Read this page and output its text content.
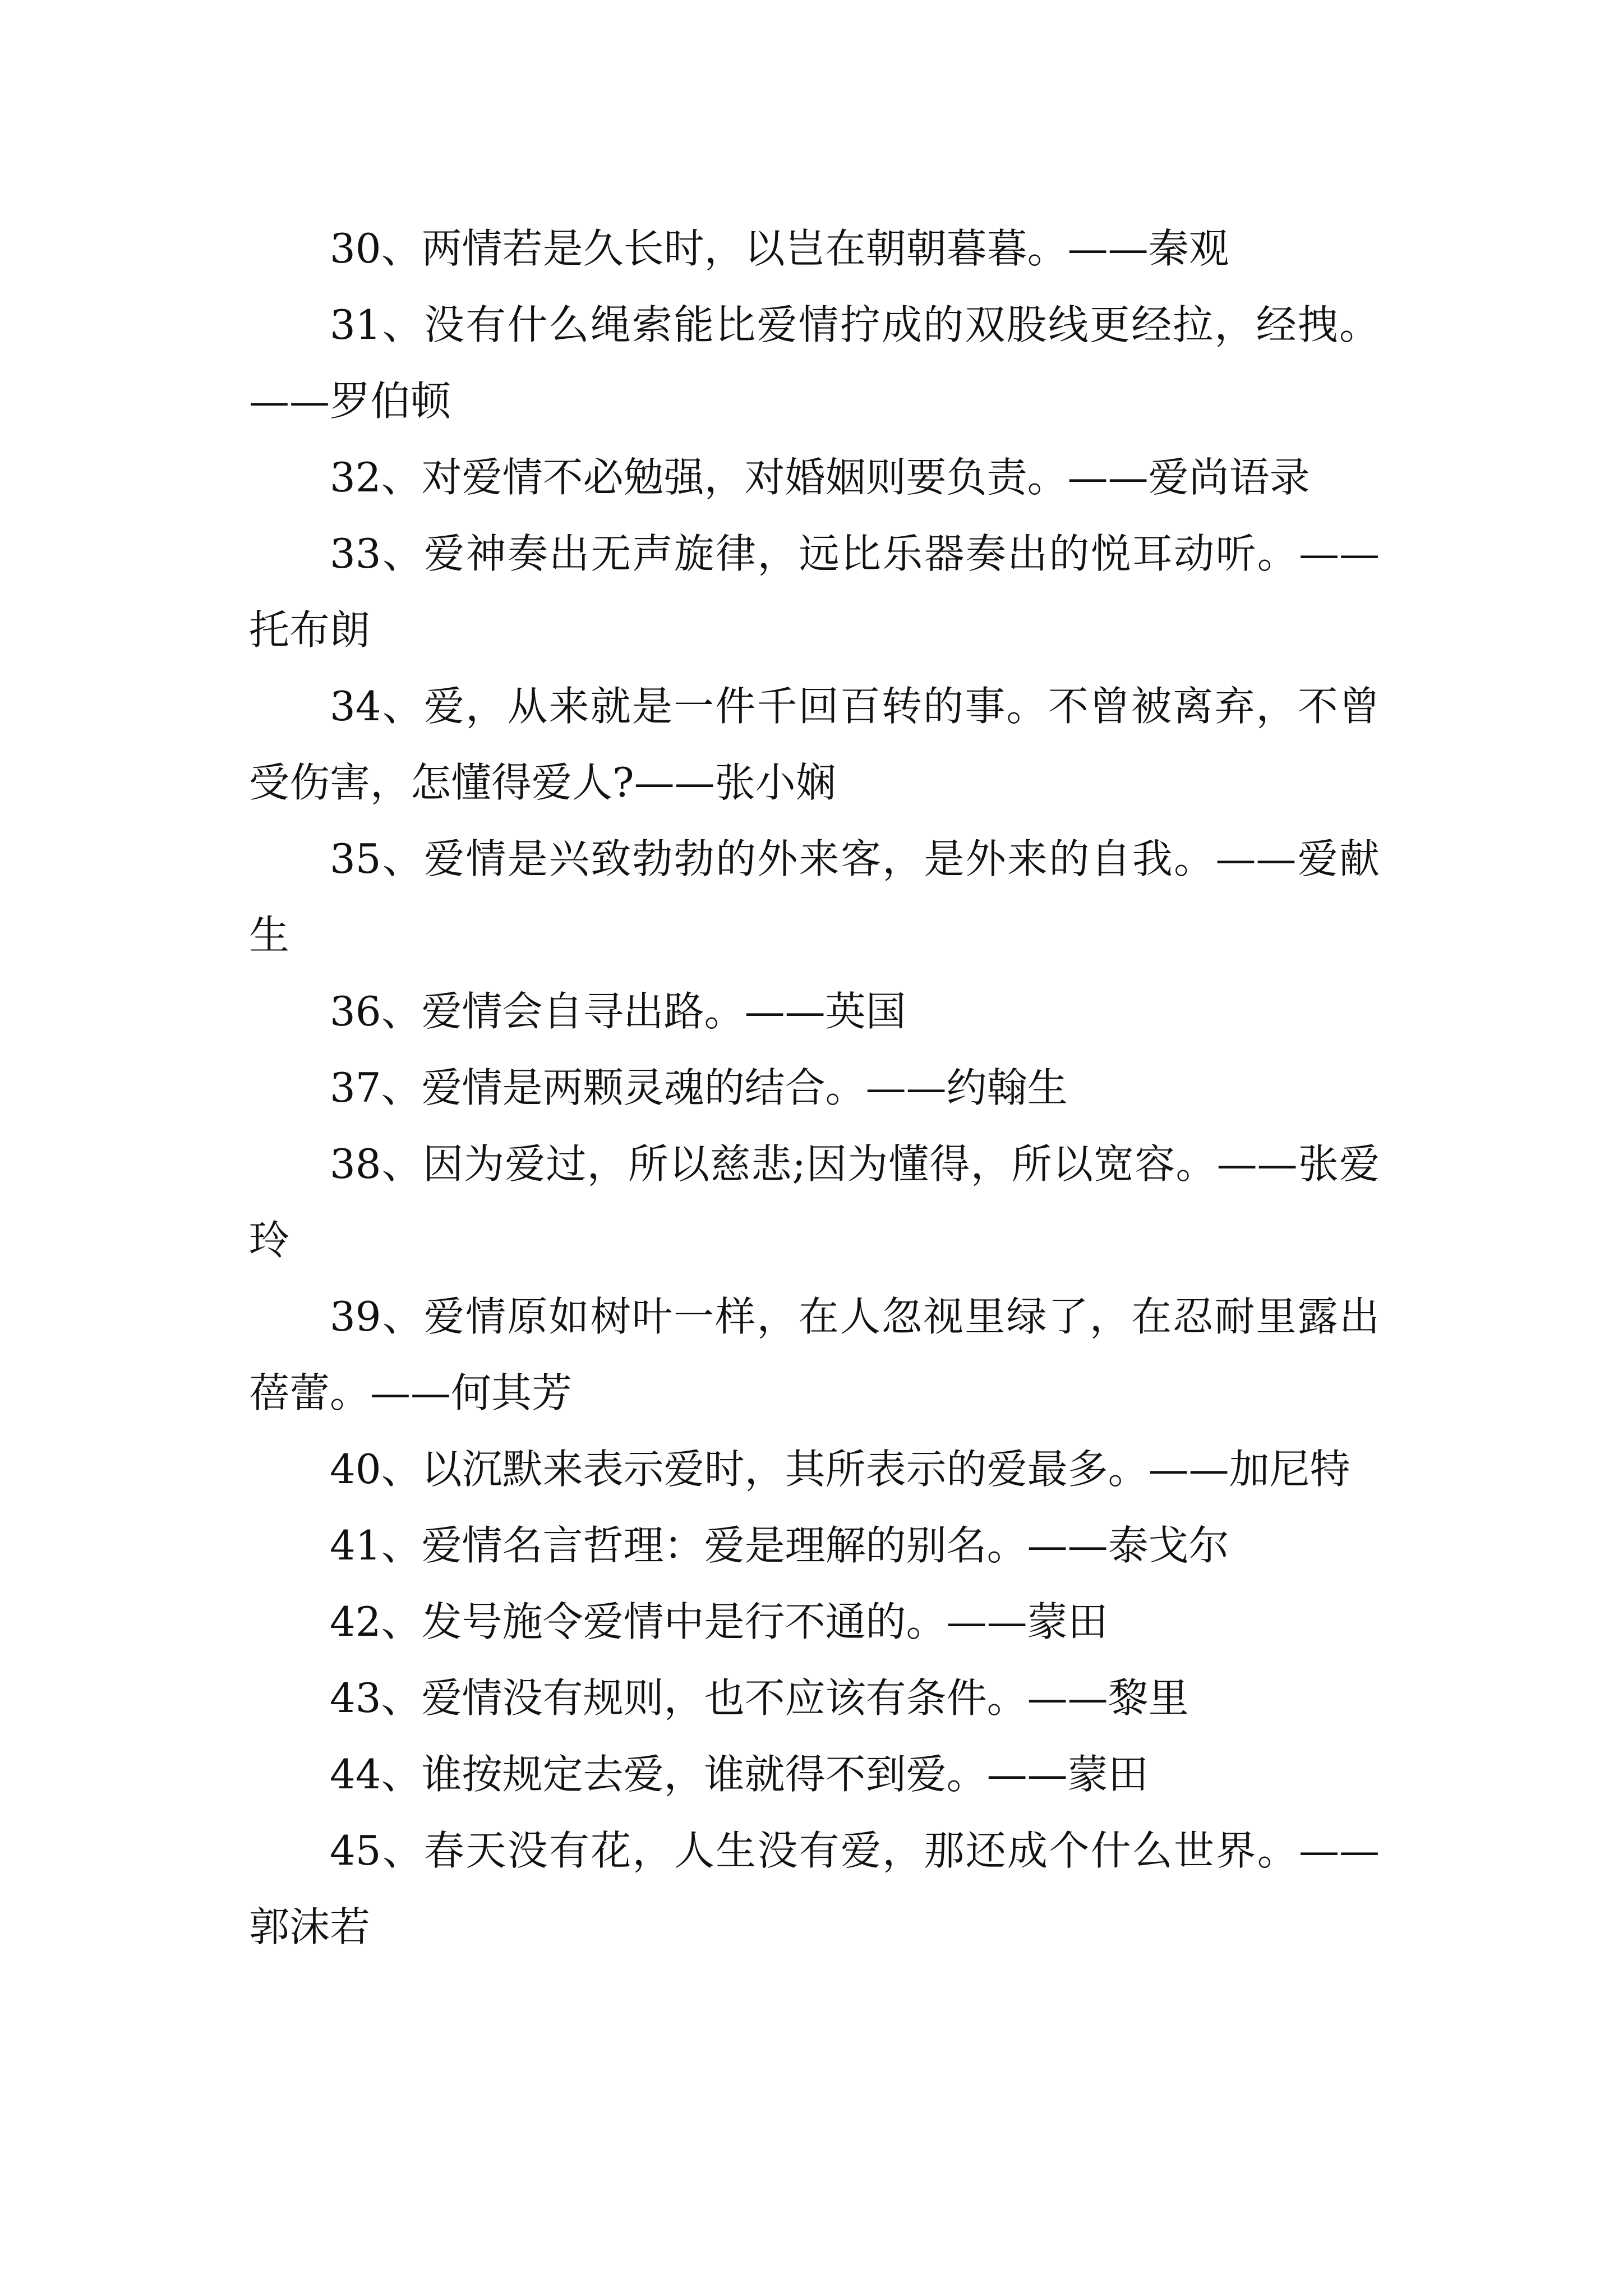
30、两情若是久长时，以岂在朝朝暮暮。——秦观

31、没有什么绳索能比爱情拧成的双股线更经拉，经拽。——罗伯顿

32、对爱情不必勉强，对婚姻则要负责。——爱尚语录

33、爱神奏出无声旋律，远比乐器奏出的悦耳动听。——托布朗

34、爱，从来就是一件千回百转的事。不曾被离弃，不曾受伤害，怎懂得爱人?——张小娴

35、爱情是兴致勃勃的外来客，是外来的自我。——爱献生

36、爱情会自寻出路。——英国

37、爱情是两颗灵魂的结合。——约翰生

38、因为爱过，所以慈悲;因为懂得，所以宽容。——张爱玲

39、爱情原如树叶一样，在人忽视里绿了，在忍耐里露出蓓蕾。——何其芳

40、以沉默来表示爱时，其所表示的爱最多。——加尼特

41、爱情名言哲理：爱是理解的别名。——泰戈尔

42、发号施令爱情中是行不通的。——蒙田

43、爱情没有规则，也不应该有条件。——黎里

44、谁按规定去爱，谁就得不到爱。——蒙田

45、春天没有花，人生没有爱，那还成个什么世界。——郭沫若
